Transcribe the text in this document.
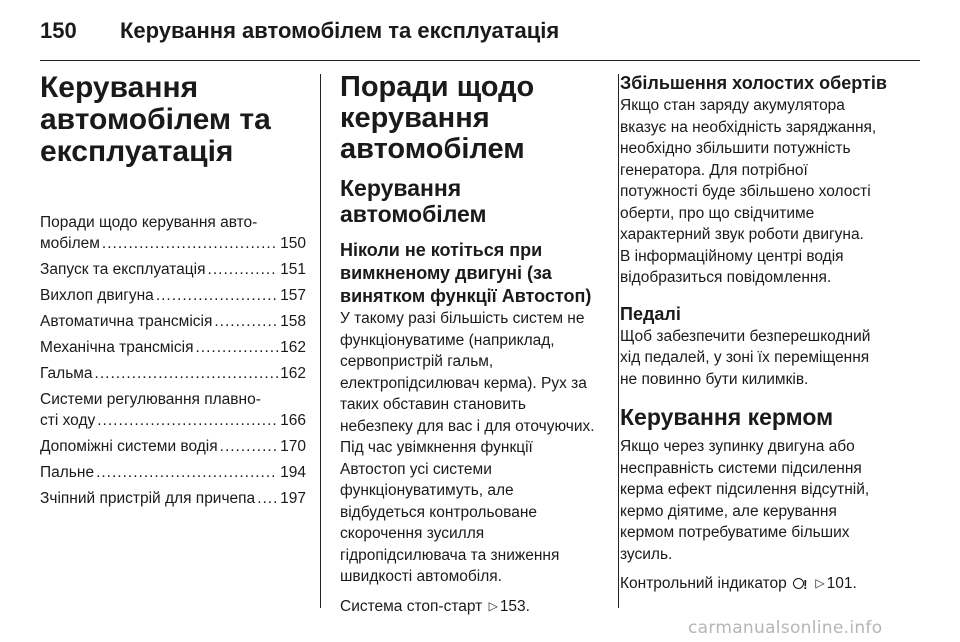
150 Керування автомобілем та експлуатація
Керування
автомобілем та
експлуатація
Поради щодо керування авто-
мобілем .....	150
Запуск та експлуатація .....	151
Вихлоп двигуна .....	157
Автоматична трансмісія .....	158
Механічна трансмісія .....	162
Гальма .....	162
Системи регулювання плавно-
сті ходу .....	166
Допоміжні системи водія .....	170
Пальне .....	194
Зчіпний пристрій для причепа ..... 197
Поради щодо
керування
автомобілем
Керування автомобілем
Ніколи не котіться при
вимкненому двигуні (за
винятком функції Автостоп)

У такому разі більшість систем не
функціонуватиме (наприклад,
сервопристрій гальм,
електропідсилювач керма). Рух за
таких обставин становить
небезпеку для вас і для оточуючих.
Під час увімкнення функції
Автостоп усі системи
функціонуватимуть, але
відбудеться контрольоване
скорочення зусилля
гідропідсилювача та зниження
швидкості автомобіля.

Система стоп-старт ▷ 153.

Збільшення холостих обертів

Якщо стан заряду акумулятора
вказує на необхідність заряджання,
необхідно збільшити потужність
генератора. Для потрібної
потужності буде збільшено холості
оберти, про що свідчитиме
характерний звук роботи двигуна.
В інформаційному центрі водія
відобразиться повідомлення.

Педалі

Щоб забезпечити безперешкодний
хід педалей, у зоні їх переміщення
не повинно бути килимків.

Керування кермом

Якщо через зупинку двигуна або
несправність системи підсилення
керма ефект підсилення відсутній,
кермо діятиме, але керування
кермом потребуватиме більших
зусиль.

Контрольний індикатор ! ▷ 101.

carmanualsonline.info
